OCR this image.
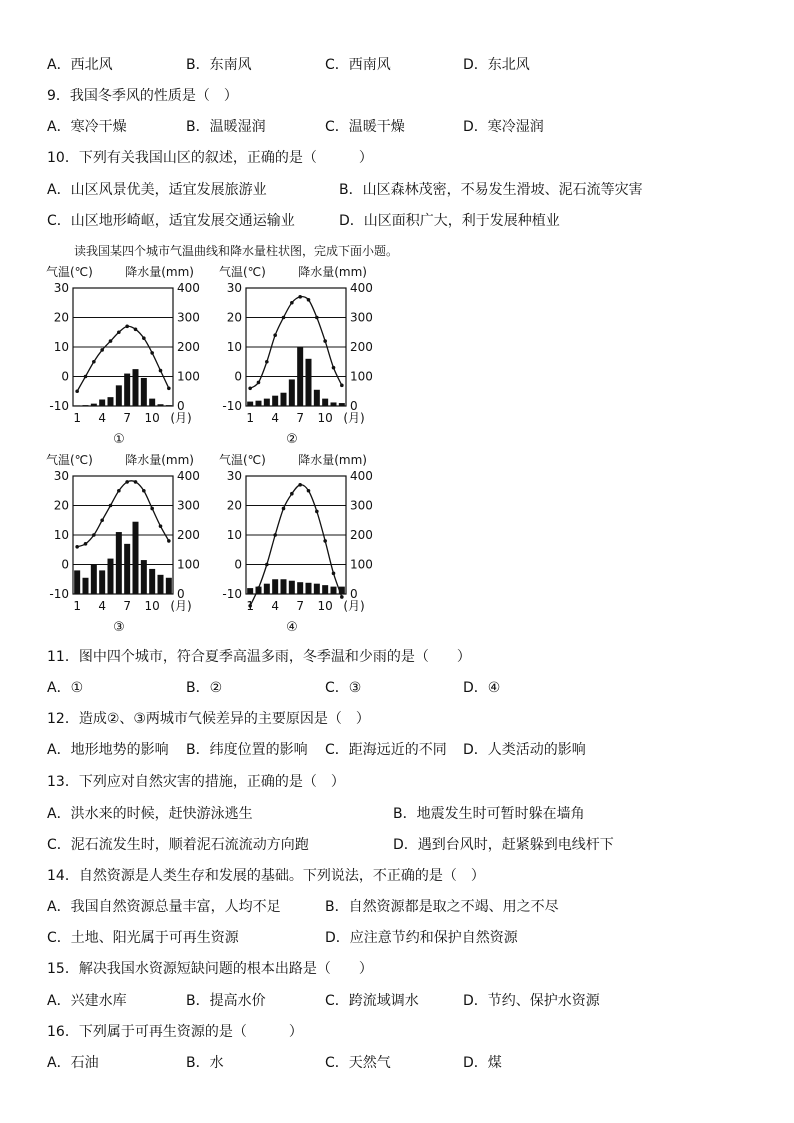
A．西北风	B．东南风	C．西南风	D．东北风
9．我国冬季风的性质是（　）
A．寒冷干燥	B．温暖湿润	C．温暖干燥	D．寒冷湿润
10．下列有关我国山区的叙述，正确的是（　　　）
A．山区风景优美，适宜发展旅游业	B．山区森林茂密，不易发生滑坡、泥石流等灾害
C．山区地形崎岖，适宜发展交通运输业	D．山区面积广大，利于发展种植业
读我国某四个城市气温曲线和降水量柱状图，完成下面小题。
气温(℃)	降水量(mm)
30	400
20	300
10	200
0	100
-10	0
1 4 7 10 (月)
①
气温(℃)	降水量(mm)
30	400
20	300
10	200
0	100
-10	0
1 4 7 10 (月)
②
气温(℃)	降水量(mm)
30	400
20	300
10	200
0	100
-10	0
1 4 7 10 (月)
③
气温(℃)	降水量(mm)
30	400
20	300
10	200
0	100
-10	0
1 4 7 10 (月)
④
11．图中四个城市，符合夏季高温多雨，冬季温和少雨的是（　　）
A．①	B．②	C．③	D．④
12．造成②、③两城市气候差异的主要原因是（　）
A．地形地势的影响 B．纬度位置的影响 C．距海远近的不同 D．人类活动的影响
13．下列应对自然灾害的措施，正确的是（　）
A．洪水来的时候，赶快游泳逃生	B．地震发生时可暂时躲在墙角
C．泥石流发生时，顺着泥石流流动方向跑	D．遇到台风时，赶紧躲到电线杆下
14．自然资源是人类生存和发展的基础。下列说法，不正确的是（　）
A．我国自然资源总量丰富，人均不足	B．自然资源都是取之不竭、用之不尽
C．土地、阳光属于可再生资源	D．应注意节约和保护自然资源
15．解决我国水资源短缺问题的根本出路是（　　）
A．兴建水库	B．提高水价	C．跨流域调水	D．节约、保护水资源
16．下列属于可再生资源的是（　　　）
A．石油	B．水	C．天然气	D．煤
